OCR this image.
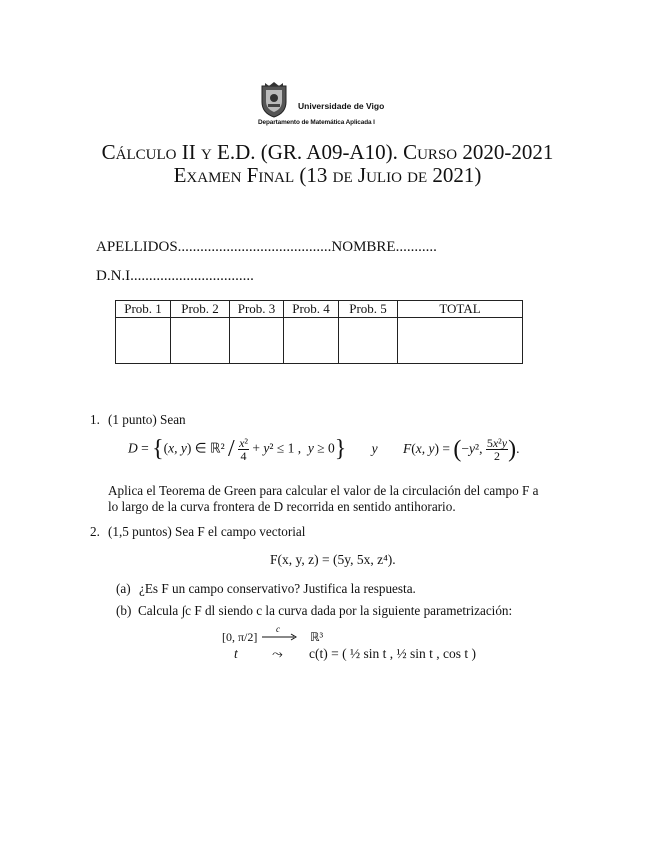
Universidade de Vigo
Departamento de Matemática Aplicada I
Cálculo II y E.D. (GR. A09-A10). Curso 2020-2021
Examen Final (13 de Julio de 2021)
APELLIDOS.........................................NOMBRE...........
D.N.I.................................
Prob. 1	Prob. 2	Prob. 3	Prob. 4	Prob. 5	TOTAL

1. (1 punto) Sean
D = {(x, y) ∈ ℝ² / $\frac{\text{x²}}{4} + y^2 \le 1$ ,  y ≥ 0} y F(x, y) = (−y², $\frac{\text{5x²y}}{2}$ ).
Aplica el Teorema de Green para calcular el valor de la circulación del campo F a
lo largo de la curva frontera de D recorrida en sentido antihorario.
2. (1,5 puntos) Sea F el campo vectorial
F(x, y, z) = (5y, 5x, z⁴).
(a) ¿Es F un campo conservativo? Justifica la respuesta.
(b) Calcula ∫c F dl siendo c la curva dada por la siguiente parametrización:
[0, π/2]
c
ℝ³
t	⤳ c(t) = ( ½ sin t , ½ sin t , cos t )
